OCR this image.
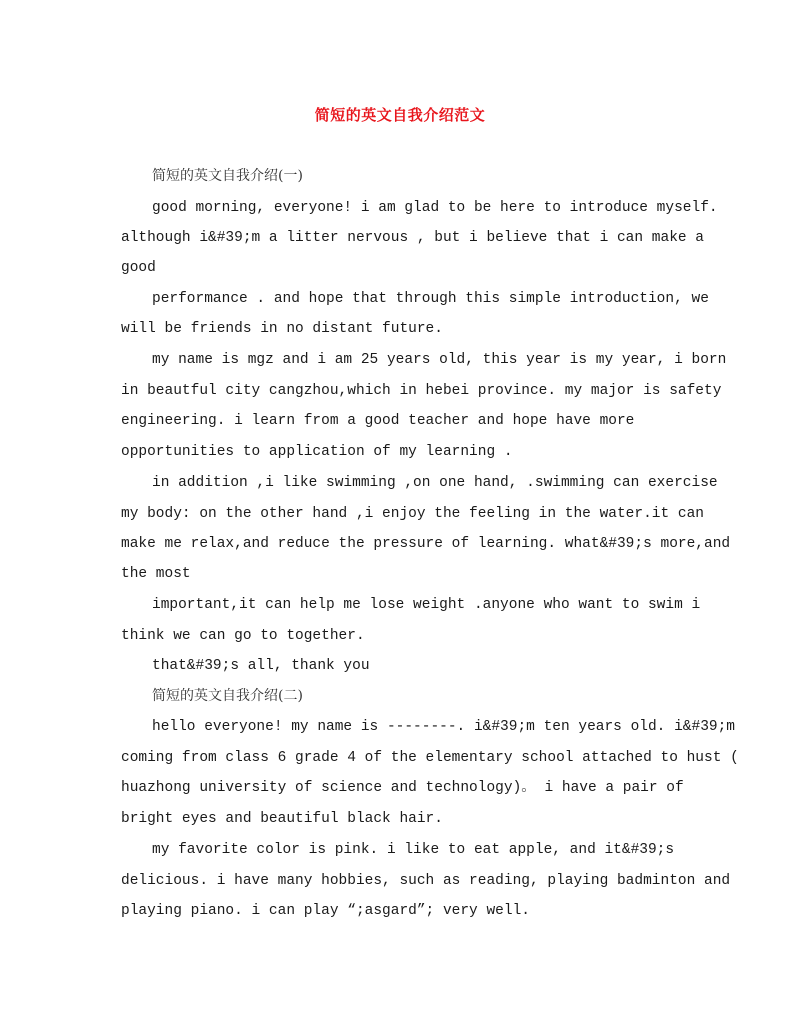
简短的英文自我介绍范文
简短的英文自我介绍(一)
good morning, everyone! i am glad to be here to introduce myself.
although i&#39;m a litter nervous , but i believe that i can make a
good
performance . and hope that through this simple introduction, we
will be friends in no distant future.
my name is mgz and i am 25 years old, this year is my year, i born
in beautful city cangzhou,which in hebei province. my major is safety
engineering. i learn from a good teacher and hope have more
opportunities to application of my learning .
in addition ,i like swimming ,on one hand, .swimming can exercise
my body: on the other hand ,i enjoy the feeling in the water.it can
make me relax,and reduce the pressure of learning. what&#39;s more,and
the most
important,it can help me lose weight .anyone who want to swim i
think we can go to together.
that&#39;s all, thank you
简短的英文自我介绍(二)
hello everyone! my name is --------. i&#39;m ten years old. i&#39;m
coming from class 6 grade 4 of the elementary school attached to hust (
huazhong university of science and technology)。 i have a pair of
bright eyes and beautiful black hair.
my favorite color is pink. i like to eat apple, and it&#39;s
delicious. i have many hobbies, such as reading, playing badminton and
playing piano. i can play “;asgard”; very well.
